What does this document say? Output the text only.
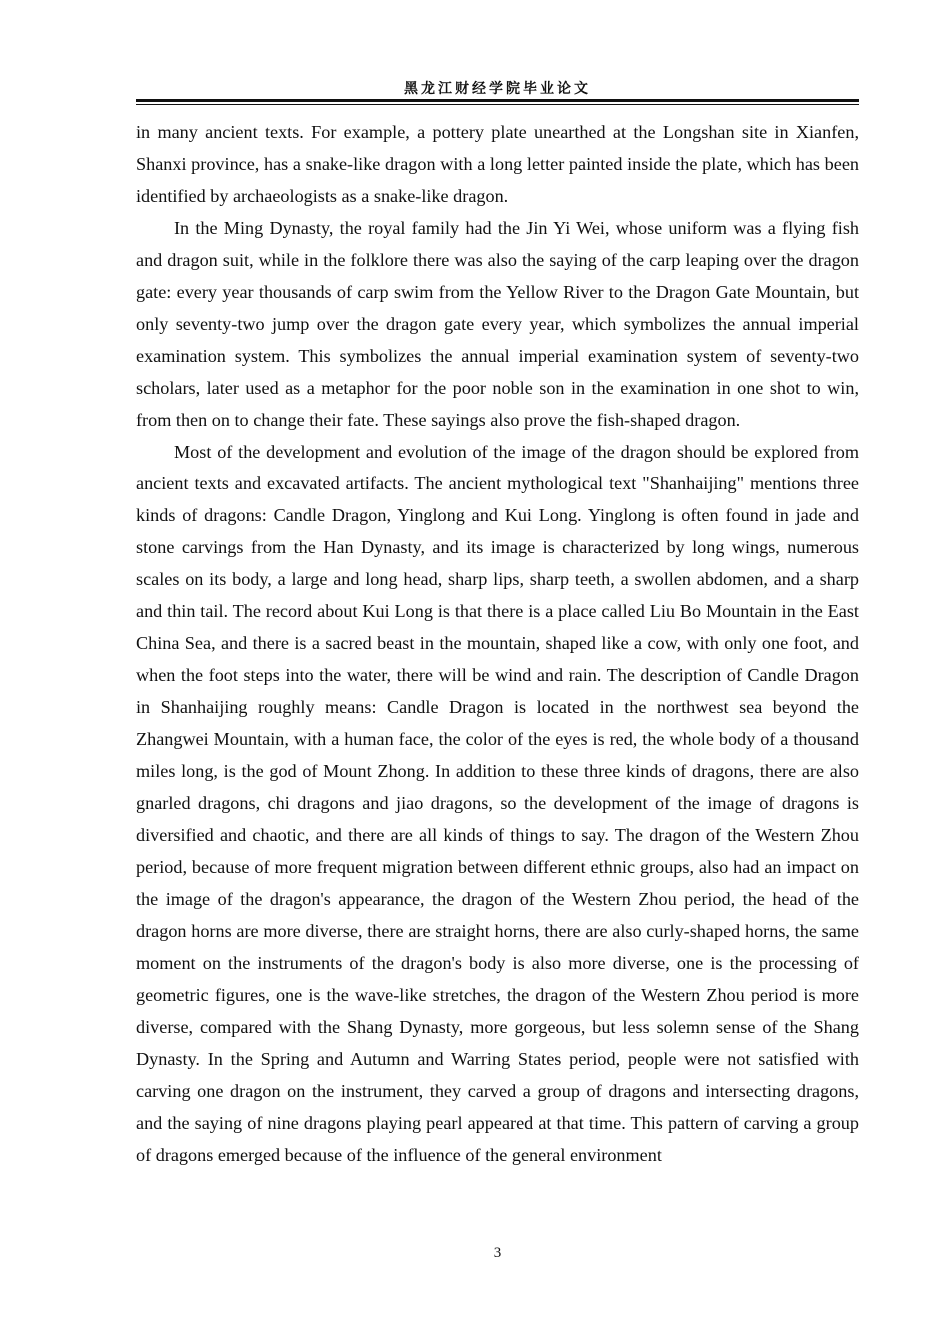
黑龙江财经学院毕业论文

in many ancient texts. For example, a pottery plate unearthed at the Longshan site in Xianfen, Shanxi province, has a snake-like dragon with a long letter painted inside the plate, which has been identified by archaeologists as a snake-like dragon.

In the Ming Dynasty, the royal family had the Jin Yi Wei, whose uniform was a flying fish and dragon suit, while in the folklore there was also the saying of the carp leaping over the dragon gate: every year thousands of carp swim from the Yellow River to the Dragon Gate Mountain, but only seventy-two jump over the dragon gate every year, which symbolizes the annual imperial examination system. This symbolizes the annual imperial examination system of seventy-two scholars, later used as a metaphor for the poor noble son in the examination in one shot to win, from then on to change their fate. These sayings also prove the fish-shaped dragon.

Most of the development and evolution of the image of the dragon should be explored from ancient texts and excavated artifacts. The ancient mythological text "Shanhaijing" mentions three kinds of dragons: Candle Dragon, Yinglong and Kui Long. Yinglong is often found in jade and stone carvings from the Han Dynasty, and its image is characterized by long wings, numerous scales on its body, a large and long head, sharp lips, sharp teeth, a swollen abdomen, and a sharp and thin tail. The record about Kui Long is that there is a place called Liu Bo Mountain in the East China Sea, and there is a sacred beast in the mountain, shaped like a cow, with only one foot, and when the foot steps into the water, there will be wind and rain. The description of Candle Dragon in Shanhaijing roughly means: Candle Dragon is located in the northwest sea beyond the Zhangwei Mountain, with a human face, the color of the eyes is red, the whole body of a thousand miles long, is the god of Mount Zhong. In addition to these three kinds of dragons, there are also gnarled dragons, chi dragons and jiao dragons, so the development of the image of dragons is diversified and chaotic, and there are all kinds of things to say. The dragon of the Western Zhou period, because of more frequent migration between different ethnic groups, also had an impact on the image of the dragon's appearance, the dragon of the Western Zhou period, the head of the dragon horns are more diverse, there are straight horns, there are also curly-shaped horns, the same moment on the instruments of the dragon's body is also more diverse, one is the processing of geometric figures, one is the wave-like stretches, the dragon of the Western Zhou period is more diverse, compared with the Shang Dynasty, more gorgeous, but less solemn sense of the Shang Dynasty. In the Spring and Autumn and Warring States period, people were not satisfied with carving one dragon on the instrument, they carved a group of dragons and intersecting dragons, and the saying of nine dragons playing pearl appeared at that time. This pattern of carving a group of dragons emerged because of the influence of the general environment

3
